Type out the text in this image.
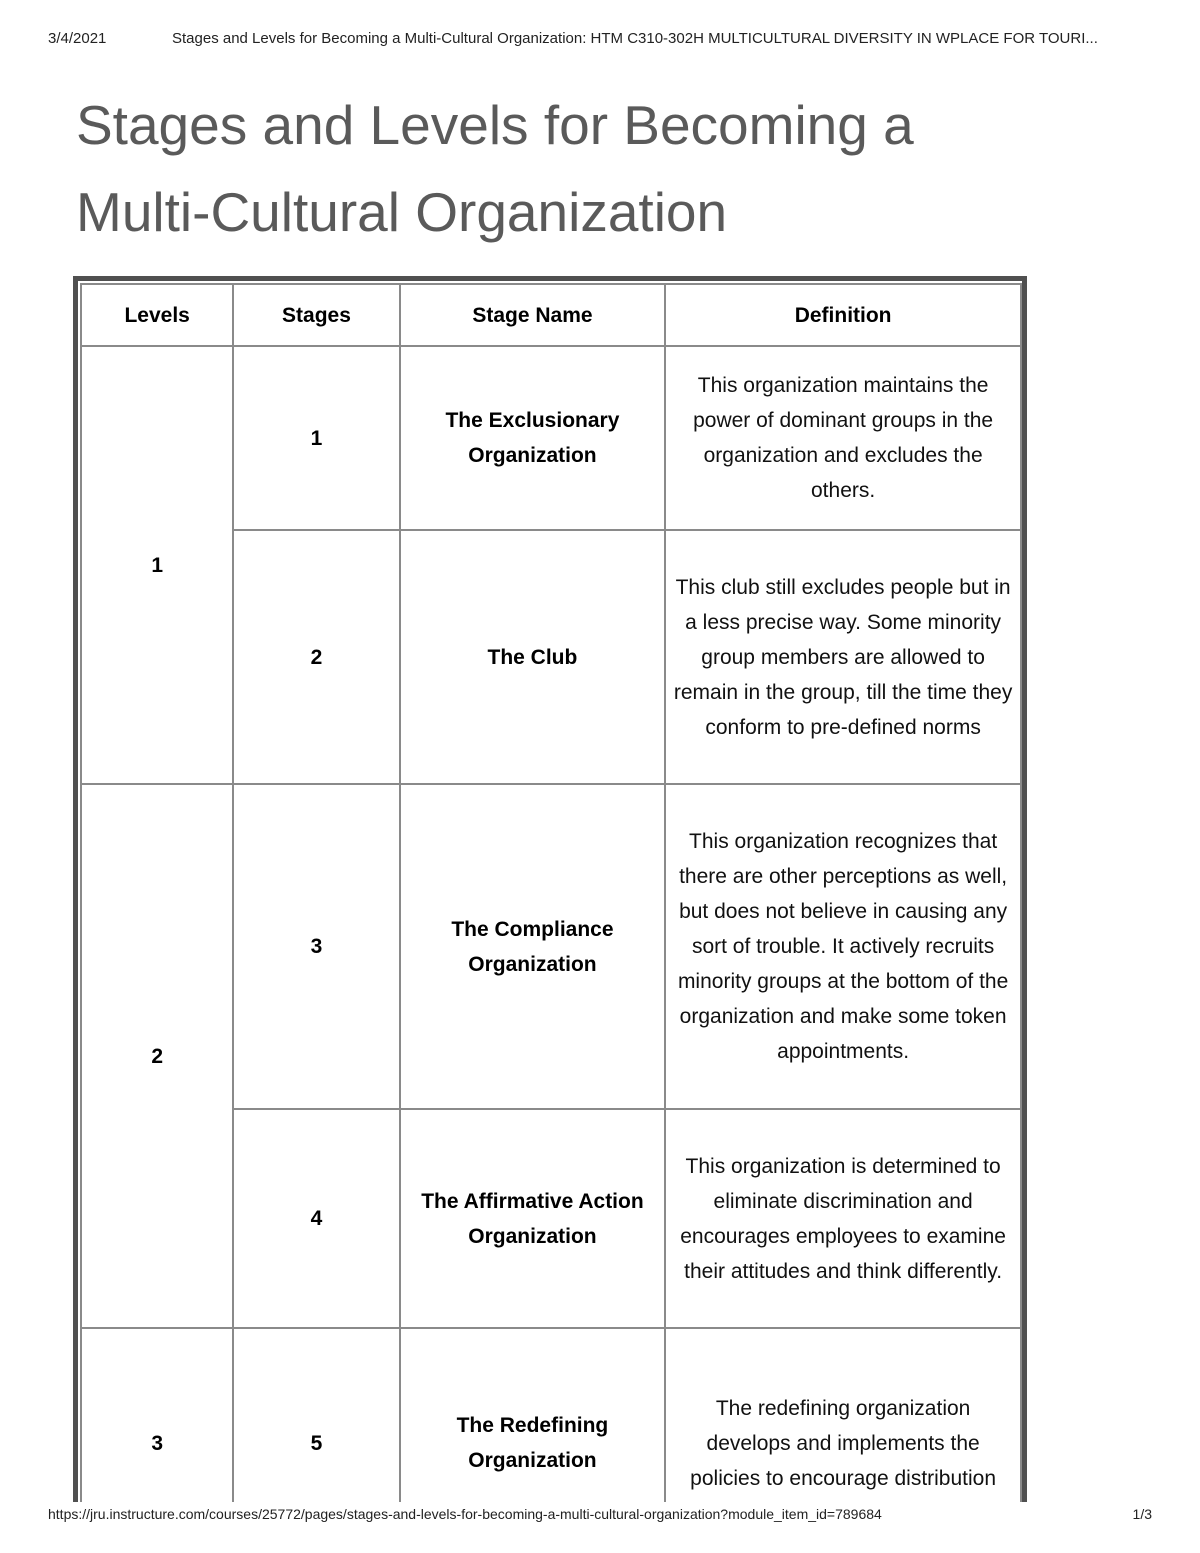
3/4/2021	Stages and Levels for Becoming a Multi-Cultural Organization: HTM C310-302H MULTICULTURAL DIVERSITY IN WPLACE FOR TOURI...
Stages and Levels for Becoming a
Multi-Cultural Organization
Levels	Stages	Stage Name	Definition
1	1	The Exclusionary Organization	This organization maintains the power of dominant groups in the organization and excludes the others.
	2	The Club	This club still excludes people but in a less precise way. Some minority group members are allowed to remain in the group, till the time they conform to pre-defined norms
2	3	The Compliance Organization	This organization recognizes that there are other perceptions as well, but does not believe in causing any sort of trouble. It actively recruits minority groups at the bottom of the organization and make some token appointments.
	4	The Affirmative Action Organization	This organization is determined to eliminate discrimination and encourages employees to examine their attitudes and think differently.
3	5	The Redefining Organization	The redefining organization develops and implements the policies to encourage distribution
https://jru.instructure.com/courses/25772/pages/stages-and-levels-for-becoming-a-multi-cultural-organization?module_item_id=789684	1/3
